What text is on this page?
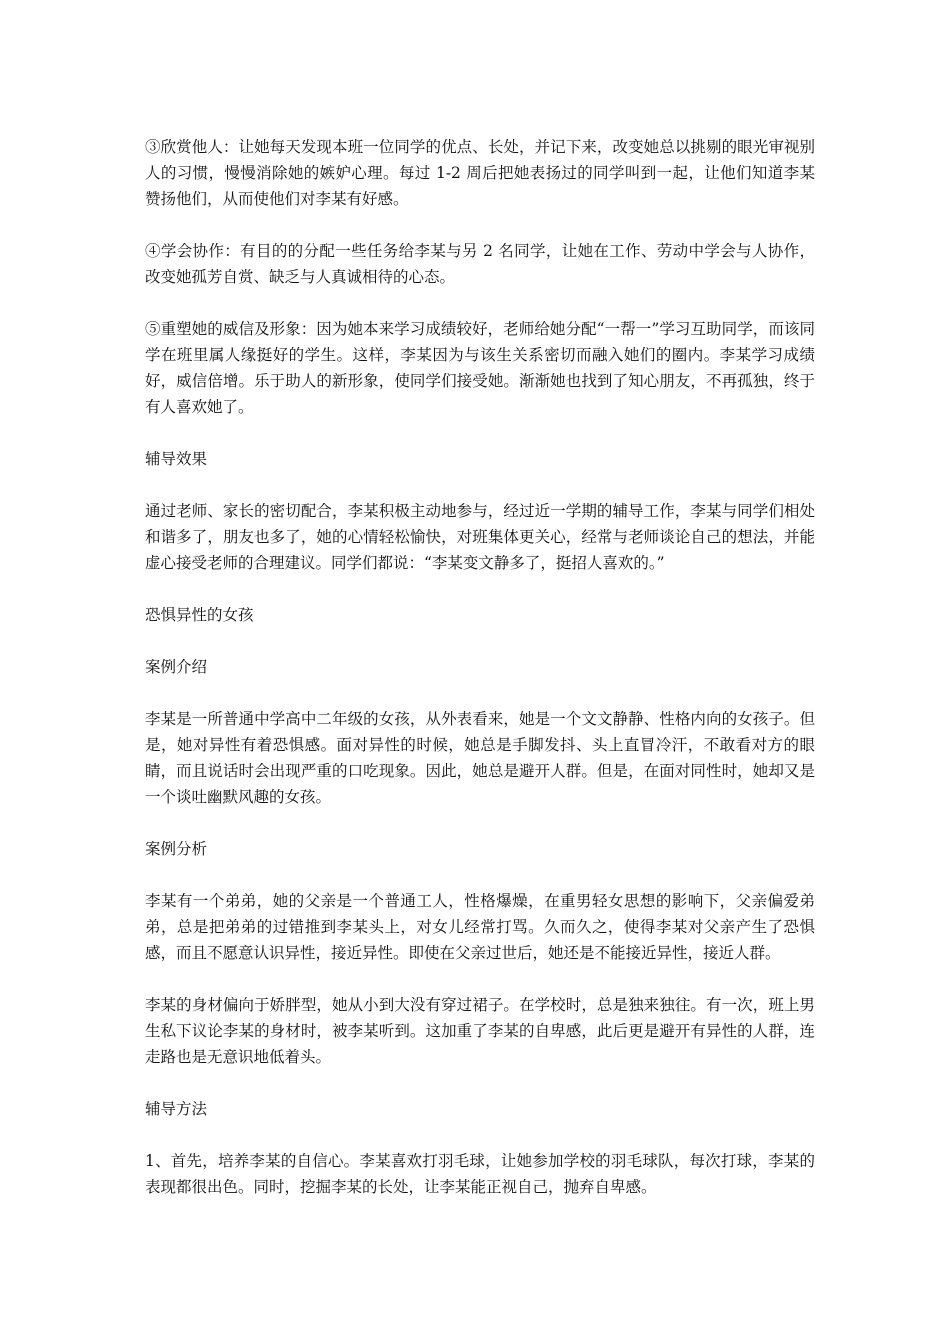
③欣赏他人：让她每天发现本班一位同学的优点、长处，并记下来，改变她总以挑剔的眼光审视别人的习惯，慢慢消除她的嫉妒心理。每过 1-2 周后把她表扬过的同学叫到一起，让他们知道李某赞扬他们，从而使他们对李某有好感。

④学会协作：有目的的分配一些任务给李某与另 2 名同学，让她在工作、劳动中学会与人协作，改变她孤芳自赏、缺乏与人真诚相待的心态。

⑤重塑她的威信及形象：因为她本来学习成绩较好，老师给她分配“一帮一”学习互助同学，而该同学在班里属人缘挺好的学生。这样，李某因为与该生关系密切而融入她们的圈内。李某学习成绩好，威信倍增。乐于助人的新形象，使同学们接受她。渐渐她也找到了知心朋友，不再孤独，终于有人喜欢她了。

辅导效果

通过老师、家长的密切配合，李某积极主动地参与，经过近一学期的辅导工作，李某与同学们相处和谐多了，朋友也多了，她的心情轻松愉快，对班集体更关心，经常与老师谈论自己的想法，并能虚心接受老师的合理建议。同学们都说：“李某变文静多了，挺招人喜欢的。”

恐惧异性的女孩

案例介绍

李某是一所普通中学高中二年级的女孩，从外表看来，她是一个文文静静、性格内向的女孩子。但是，她对异性有着恐惧感。面对异性的时候，她总是手脚发抖、头上直冒冷汗，不敢看对方的眼睛，而且说话时会出现严重的口吃现象。因此，她总是避开人群。但是，在面对同性时，她却又是一个谈吐幽默风趣的女孩。

案例分析

李某有一个弟弟，她的父亲是一个普通工人，性格爆燥，在重男轻女思想的影响下，父亲偏爱弟弟，总是把弟弟的过错推到李某头上，对女儿经常打骂。久而久之，使得李某对父亲产生了恐惧感，而且不愿意认识异性，接近异性。即使在父亲过世后，她还是不能接近异性，接近人群。

李某的身材偏向于娇胖型，她从小到大没有穿过裙子。在学校时，总是独来独往。有一次，班上男生私下议论李某的身材时，被李某听到。这加重了李某的自卑感，此后更是避开有异性的人群，连走路也是无意识地低着头。

辅导方法

1、首先，培养李某的自信心。李某喜欢打羽毛球，让她参加学校的羽毛球队，每次打球，李某的表现都很出色。同时，挖掘李某的长处，让李某能正视自己，抛弃自卑感。
